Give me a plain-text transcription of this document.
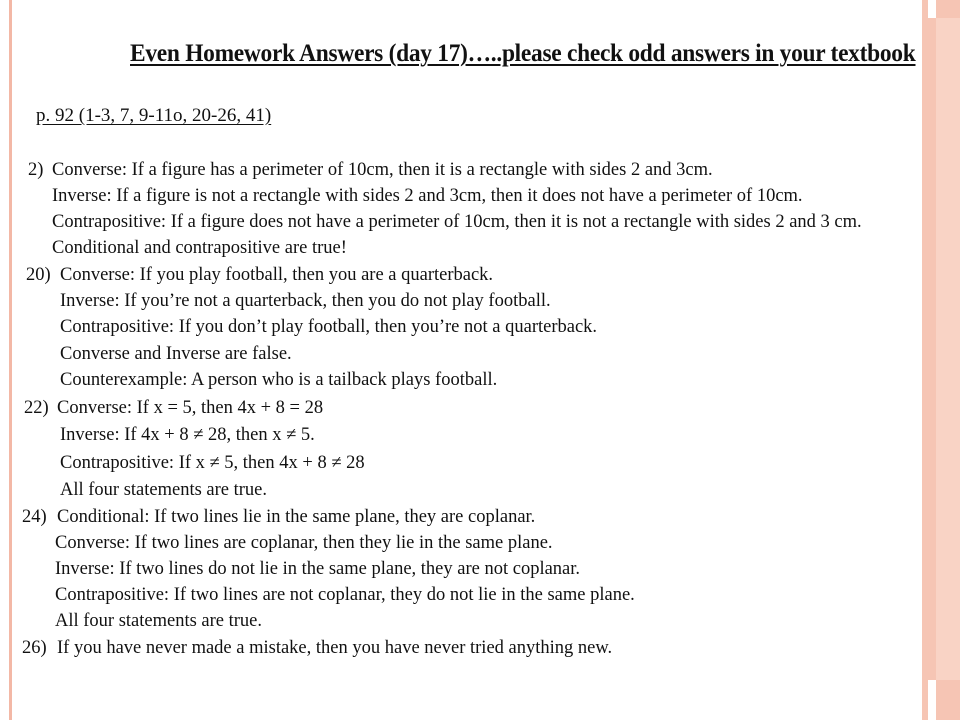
Even Homework Answers (day 17)…..please check odd answers in your textbook
p. 92 (1-3, 7, 9-11o, 20-26, 41)
2) Converse: If a figure has a perimeter of 10cm, then it is a rectangle with sides 2 and 3cm.
Inverse: If a figure is not a rectangle with sides 2 and 3cm, then it does not have a perimeter of 10cm.
Contrapositive: If a figure does not have a perimeter of 10cm, then it is not a rectangle with sides 2 and 3 cm.
Conditional and contrapositive are true!
20) Converse: If you play football, then you are a quarterback.
Inverse: If you’re not a quarterback, then you do not play football.
Contrapositive: If you don’t play football, then you’re not a quarterback.
Converse and Inverse are false.
Counterexample: A person who is a tailback plays football.
22) Converse: If x = 5, then 4x + 8 = 28
Inverse: If 4x + 8 ≠ 28, then x ≠ 5.
Contrapositive: If x ≠ 5, then 4x + 8 ≠ 28
All four statements are true.
24) Conditional: If two lines lie in the same plane, they are coplanar.
Converse: If two lines are coplanar, then they lie in the same plane.
Inverse: If two lines do not lie in the same plane, they are not coplanar.
Contrapositive: If two lines are not coplanar, they do not lie in the same plane.
All four statements are true.
26) If you have never made a mistake, then you have never tried anything new.
